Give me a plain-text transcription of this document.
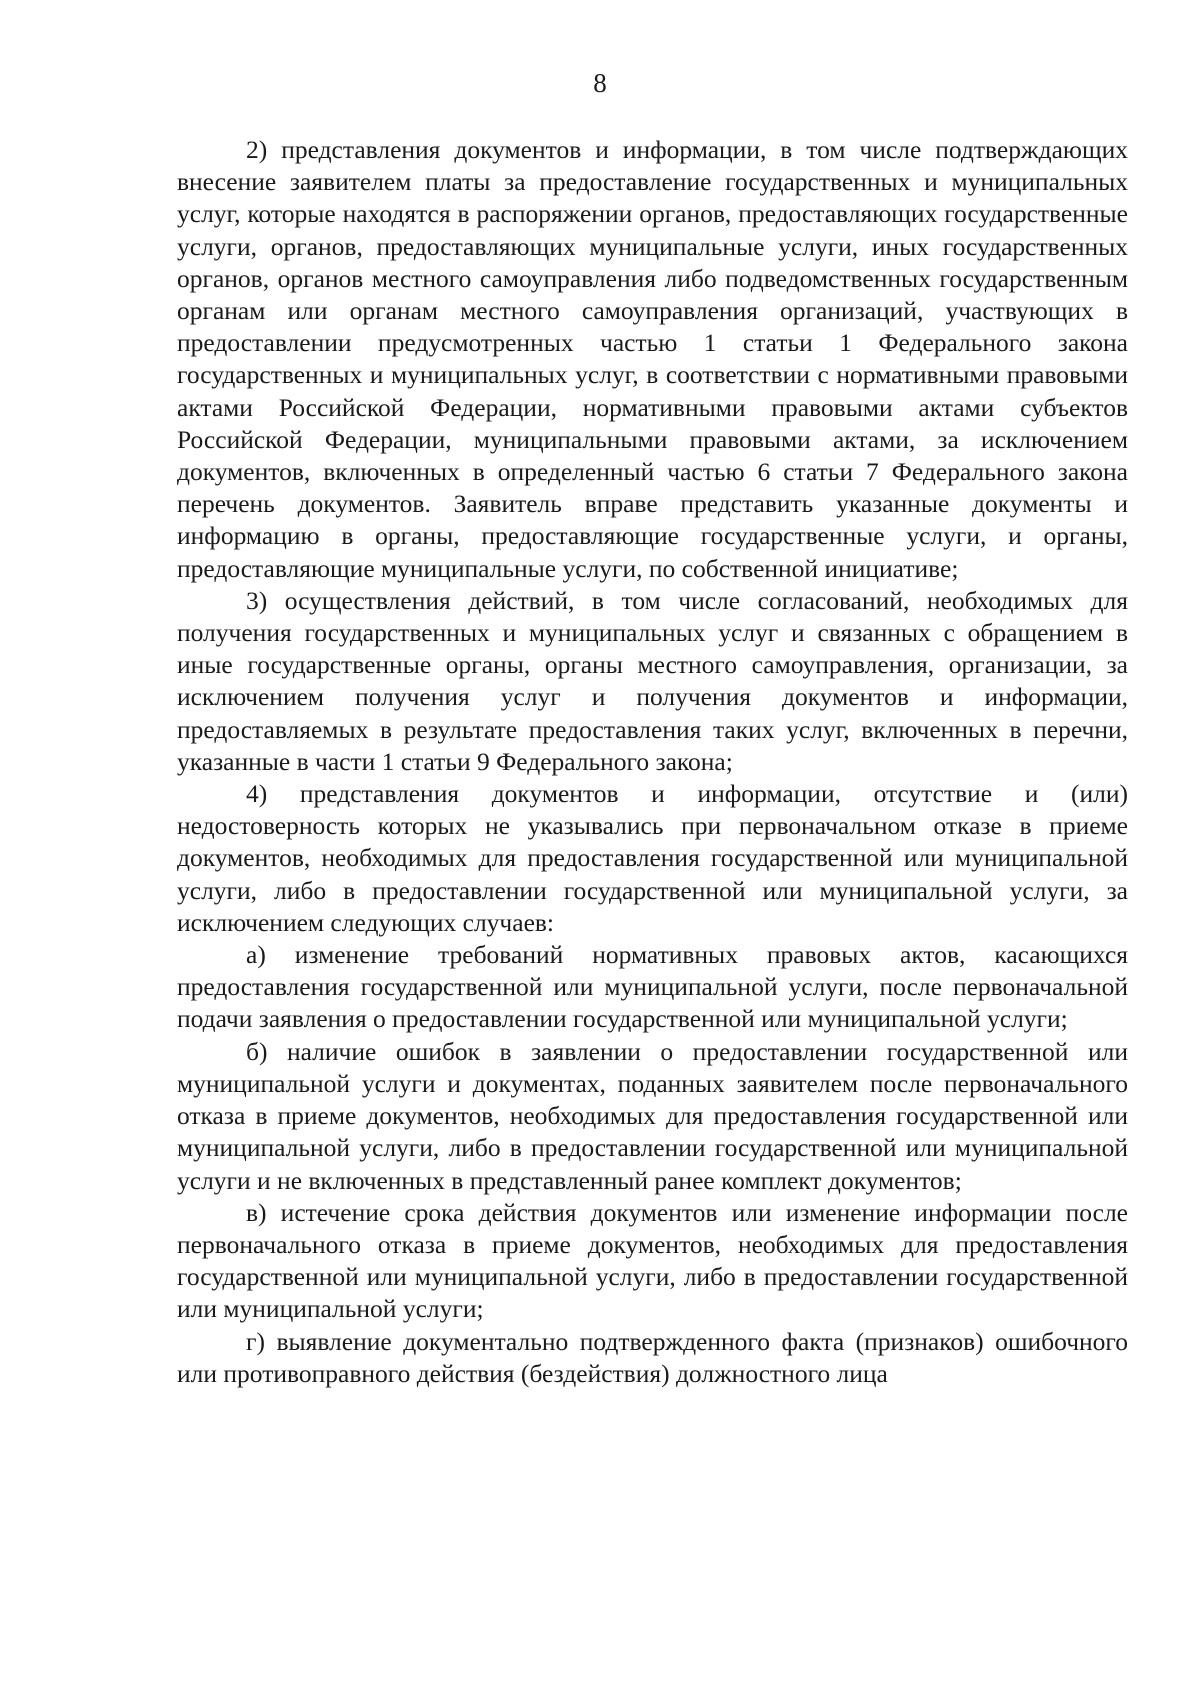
8

2) представления документов и информации, в том числе подтверждающих внесение заявителем платы за предоставление государственных и муниципальных услуг, которые находятся в распоряжении органов, предоставляющих государственные услуги, органов, предоставляющих муниципальные услуги, иных государственных органов, органов местного самоуправления либо подведомственных государственным органам или органам местного самоуправления организаций, участвующих в предоставлении предусмотренных частью 1 статьи 1 Федерального закона государственных и муниципальных услуг, в соответствии с нормативными правовыми актами Российской Федерации, нормативными правовыми актами субъектов Российской Федерации, муниципальными правовыми актами, за исключением документов, включенных в определенный частью 6 статьи 7 Федерального закона перечень документов. Заявитель вправе представить указанные документы и информацию в органы, предоставляющие государственные услуги, и органы, предоставляющие муниципальные услуги, по собственной инициативе;

3) осуществления действий, в том числе согласований, необходимых для получения государственных и муниципальных услуг и связанных с обращением в иные государственные органы, органы местного самоуправления, организации, за исключением получения услуг и получения документов и информации, предоставляемых в результате предоставления таких услуг, включенных в перечни, указанные в части 1 статьи 9 Федерального закона;

4) представления документов и информации, отсутствие и (или) недостоверность которых не указывались при первоначальном отказе в приеме документов, необходимых для предоставления государственной или муниципальной услуги, либо в предоставлении государственной или муниципальной услуги, за исключением следующих случаев:

а) изменение требований нормативных правовых актов, касающихся предоставления государственной или муниципальной услуги, после первоначальной подачи заявления о предоставлении государственной или муниципальной услуги;

б) наличие ошибок в заявлении о предоставлении государственной или муниципальной услуги и документах, поданных заявителем после первоначального отказа в приеме документов, необходимых для предоставления государственной или муниципальной услуги, либо в предоставлении государственной или муниципальной услуги и не включенных в представленный ранее комплект документов;

в) истечение срока действия документов или изменение информации после первоначального отказа в приеме документов, необходимых для предоставления государственной или муниципальной услуги, либо в предоставлении государственной или муниципальной услуги;

г) выявление документально подтвержденного факта (признаков) ошибочного или противоправного действия (бездействия) должностного лица
